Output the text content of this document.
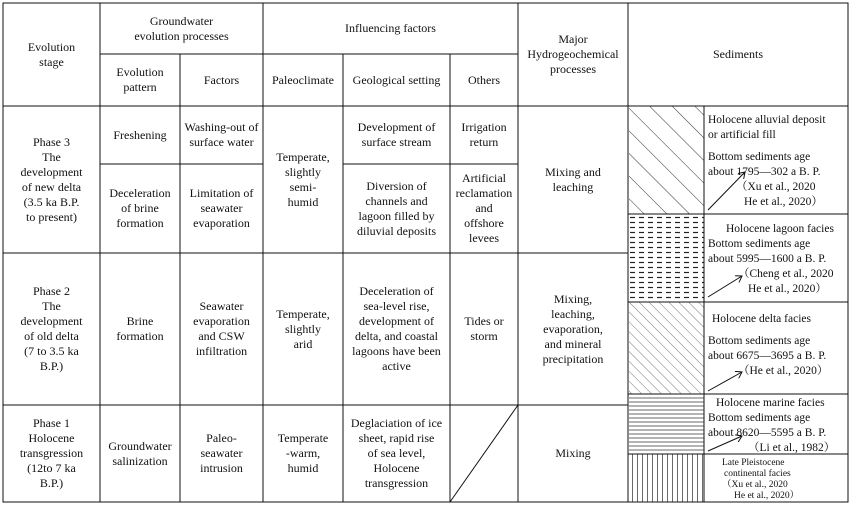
Evolution
stage
Groundwater
evolution processes
Influencing factors
Major
Hydrogeochemical
processes
Sediments
Evolution
pattern
Factors	Paleoclimate Geological setting Others
Phase 3
The
development
of new delta
(3.5 ka B.P.
to present)
Freshening
Washing-out of
surface water
Development of
surface stream
Irrigation
return
Deceleration
of brine
formation
Limitation of
seawater
evaporation
Diversion of
channels and
lagoon filled by
diluvial deposits
Artificial
reclamation
and
offshore
levees
Temperate,
slightly
semi-
humid
Mixing and
leaching
Phase 2
The
development
of old delta
(7 to 3.5 ka
B.P.)
Brine
formation
Seawater
evaporation
and CSW
infiltration
Temperate,
slightly
arid
Deceleration of
sea-level rise,
development of
delta, and coastal
lagoons have been
active
Tides or
storm
Mixing,
leaching,
evaporation,
and mineral
precipitation
Phase 1
Holocene
transgression
(12to 7 ka
B.P.)
Groundwater
salinization
Paleo-
seawater
intrusion
Temperate
-warm,
humid
Deglaciation of ice
sheet, rapid rise
of sea level,
Holocene
transgression
Mixing
Holocene alluvial deposit
or artificial fill
Bottom sediments age
about 1795—302 a B. P.
（Xu et al., 2020
He et al., 2020）
Holocene lagoon facies
Bottom sediments age
about 5995—1600 a B. P.
（Cheng et al., 2020
He et al., 2020）
Holocene delta facies
Bottom sediments age
about 6675—3695 a B. P.
（He et al., 2020）
Holocene marine facies
Bottom sediments age
about 8620—5595 a B. P.
（Li et al., 1982）
Late Pleistocene
continental facies
（Xu et al., 2020
He et al., 2020）
